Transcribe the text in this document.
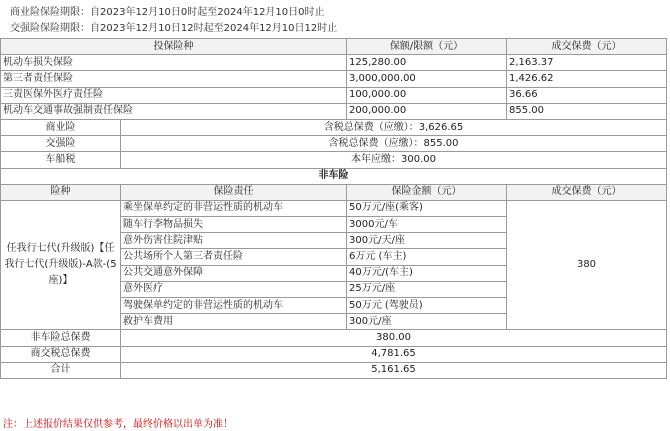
商业险保险期限：自2023年12月10日0时起至2024年12月10日0时止
交强险保险期限：自2023年12月10日12时起至2024年12月10日12时止
投保险种		保额/限额（元）	成交保费（元）
机动车损失保险		125,280.00	2,163.37
第三者责任保险		3,000,000.00	1,426.62
三责医保外医疗责任险		100,000.00	36.66
机动车交通事故强制责任保险		200,000.00	855.00
商业险	含税总保费（应缴）：3,626.65		
交强险	含税总保费（应缴）：855.00		
车船税	本年应缴：300.00		
非车险			
险种	保险责任	保险金额（元）	成交保费（元）
任我行七代(升级版)【任我行七代(升级版)-A款-(5座)】	乘坐保单约定的非营运性质的机动车	50万元/座(乘客)	380
	随车行李物品损失	3000元/车	
	意外伤害住院津贴	300元/天/座	
	公共场所个人第三者责任险	6万元 (车主)	
	公共交通意外保障	40万元/(车主)	
	意外医疗	25万元/座	
	驾驶保单约定的非营运性质的机动车	50万元 (驾驶员)	
	救护车费用	300元/座	
非车险总保费	380.00		
商交税总保费	4,781.65		
合计	5,161.65		
注：上述报价结果仅供参考，最终价格以出单为准！
